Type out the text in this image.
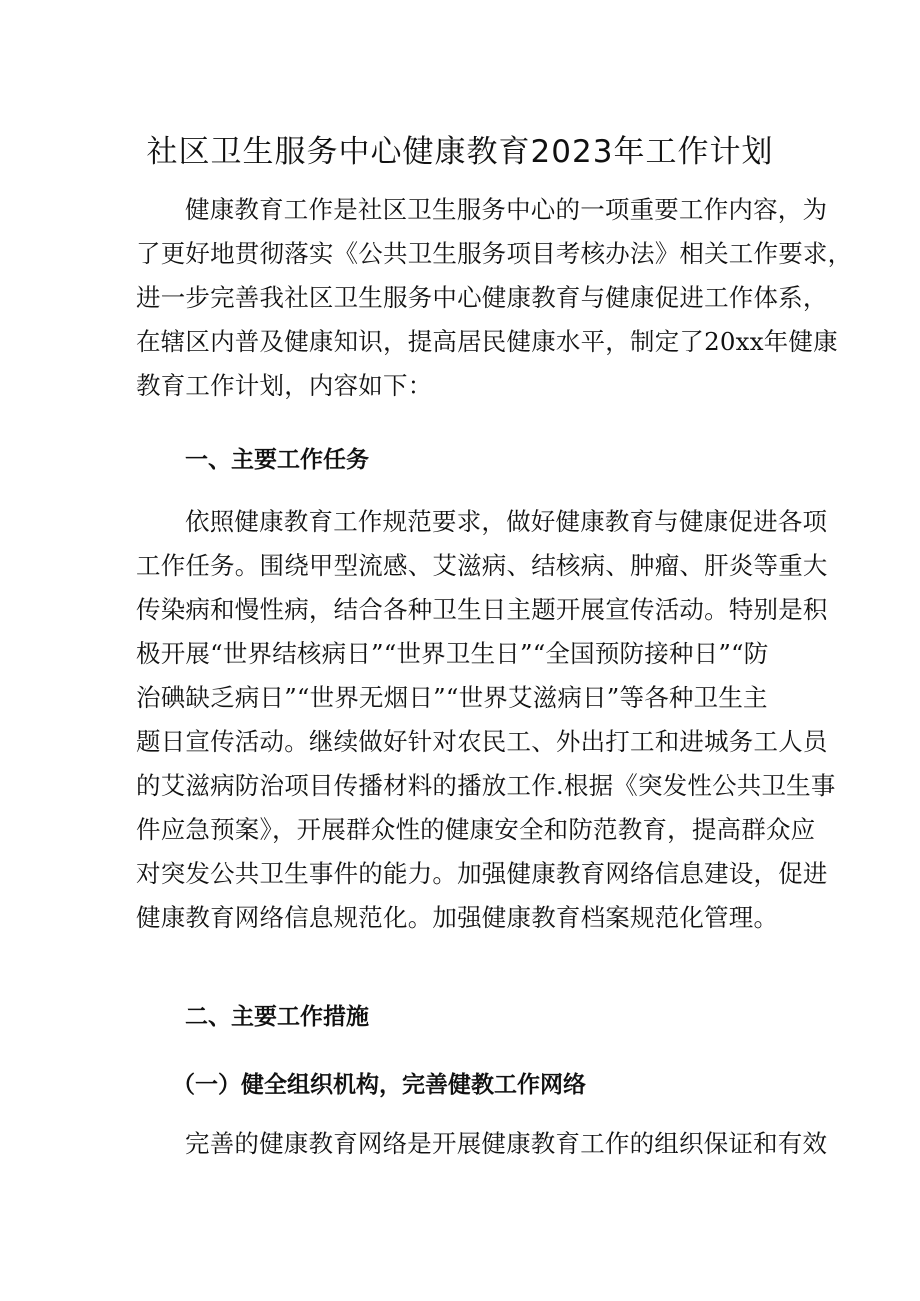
社区卫生服务中心健康教育2023年工作计划
健康教育工作是社区卫生服务中心的一项重要工作内容，为
了更好地贯彻落实《公共卫生服务项目考核办法》相关工作要求，
进一步完善我社区卫生服务中心健康教育与健康促进工作体系，
在辖区内普及健康知识，提高居民健康水平，制定了20xx年健康
教育工作计划，内容如下：
一、主要工作任务
依照健康教育工作规范要求，做好健康教育与健康促进各项
工作任务。围绕甲型流感、艾滋病、结核病、肿瘤、肝炎等重大
传染病和慢性病，结合各种卫生日主题开展宣传活动。特别是积
极开展“世界结核病日”“世界卫生日”“全国预防接种日”“防
治碘缺乏病日”“世界无烟日”“世界艾滋病日”等各种卫生主
题日宣传活动。继续做好针对农民工、外出打工和进城务工人员
的艾滋病防治项目传播材料的播放工作.根据《突发性公共卫生事
件应急预案》，开展群众性的健康安全和防范教育，提高群众应
对突发公共卫生事件的能力。加强健康教育网络信息建设，促进
健康教育网络信息规范化。加强健康教育档案规范化管理。
二、主要工作措施
（一）健全组织机构，完善健教工作网络
完善的健康教育网络是开展健康教育工作的组织保证和有效
